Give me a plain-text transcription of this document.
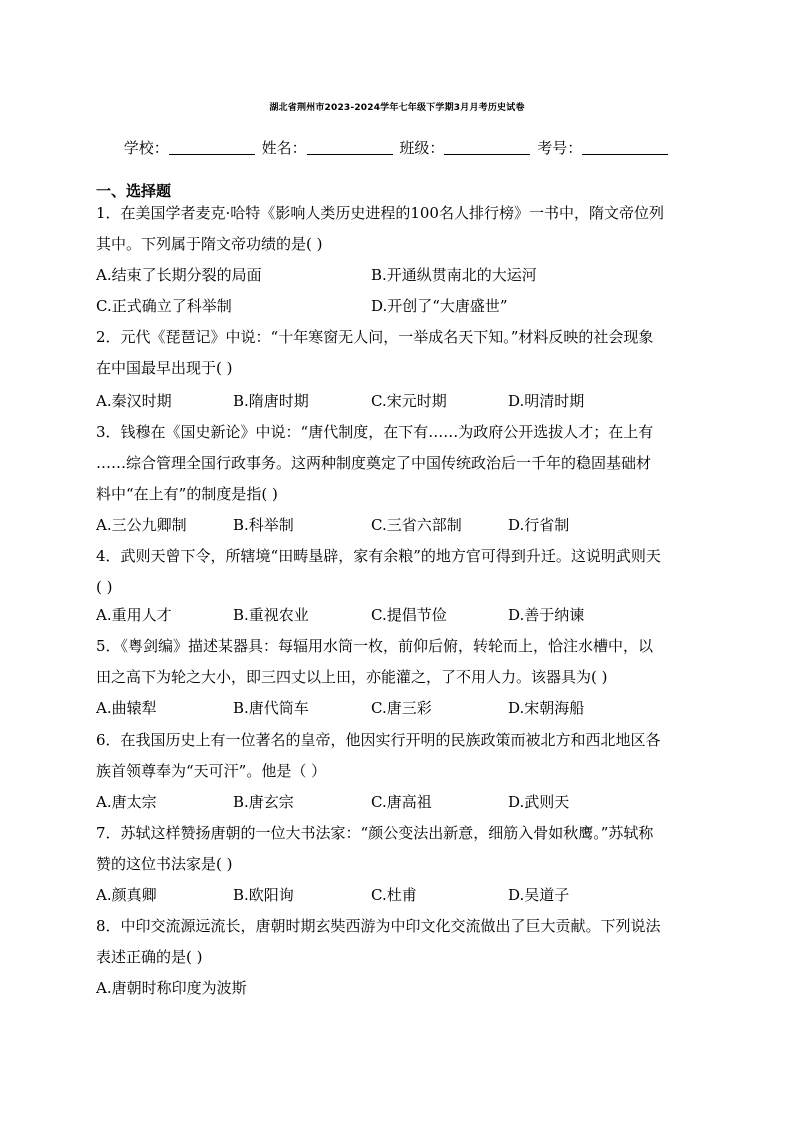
湖北省荆州市2023-2024学年七年级下学期3月月考历史试卷
学校：	姓名：	班级：	考号：
一、选择题
1．在美国学者麦克·哈特《影响人类历史进程的100名人排行榜》一书中，隋文帝位列
其中。下列属于隋文帝功绩的是( )
A.结束了长期分裂的局面	B.开通纵贯南北的大运河
C.正式确立了科举制	D.开创了“大唐盛世”
2．元代《琵琶记》中说：“十年寒窗无人问，一举成名天下知。”材料反映的社会现象
在中国最早出现于( )
A.秦汉时期	B.隋唐时期	C.宋元时期	D.明清时期
3．钱穆在《国史新论》中说：“唐代制度，在下有……为政府公开选拔人才；在上有
……综合管理全国行政事务。这两种制度奠定了中国传统政治后一千年的稳固基础材
料中“在上有”的制度是指( )
A.三公九卿制	B.科举制	C.三省六部制	D.行省制
4．武则天曾下令，所辖境“田畴垦辟，家有余粮”的地方官可得到升迁。这说明武则天
( )
A.重用人才	B.重视农业	C.提倡节俭	D.善于纳谏
5．《粤剑编》描述某器具：每辐用水筒一枚，前仰后俯，转轮而上，恰注水槽中，以
田之高下为轮之大小，即三四丈以上田，亦能灌之，了不用人力。该器具为( )
A.曲辕犁	B.唐代筒车	C.唐三彩	D.宋朝海船
6．在我国历史上有一位著名的皇帝，他因实行开明的民族政策而被北方和西北地区各
族首领尊奉为“天可汗”。他是（ ）
A.唐太宗	B.唐玄宗	C.唐高祖	D.武则天
7．苏轼这样赞扬唐朝的一位大书法家：“颜公变法出新意，细筋入骨如秋鹰。”苏轼称
赞的这位书法家是( )
A.颜真卿	B.欧阳询	C.杜甫	D.吴道子
8．中印交流源远流长，唐朝时期玄奘西游为中印文化交流做出了巨大贡献。下列说法
表述正确的是( )
A.唐朝时称印度为波斯
